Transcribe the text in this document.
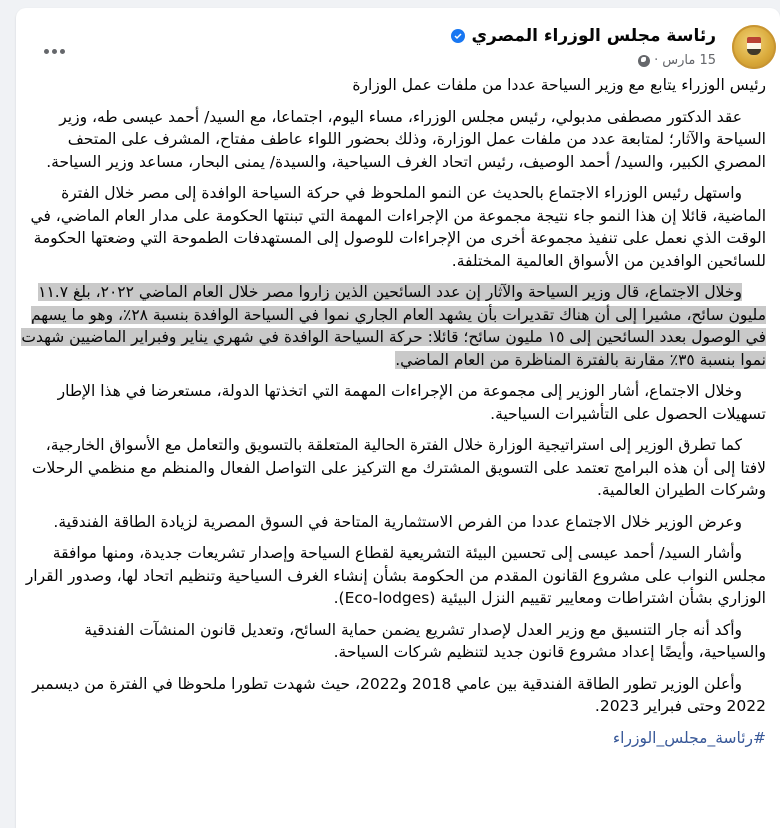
رئاسة مجلس الوزراء المصري
15 مارس
·

رئيس الوزراء يتابع مع وزير السياحة عددا من ملفات عمل الوزارة

عقد الدكتور مصطفى مدبولي، رئيس مجلس الوزراء، مساء اليوم، اجتماعا، مع السيد/ أحمد عيسى طه، وزير السياحة والآثار؛ لمتابعة عدد من ملفات عمل الوزارة، وذلك بحضور اللواء عاطف مفتاح، المشرف على المتحف المصري الكبير، والسيد/ أحمد الوصيف، رئيس اتحاد الغرف السياحية، والسيدة/ يمنى البحار، مساعد وزير السياحة.

واستهل رئيس الوزراء الاجتماع بالحديث عن النمو الملحوظ في حركة السياحة الوافدة إلى مصر خلال الفترة الماضية، قائلا إن هذا النمو جاء نتيجة مجموعة من الإجراءات المهمة التي تبنتها الحكومة على مدار العام الماضي، في الوقت الذي نعمل على تنفيذ مجموعة أخرى من الإجراءات للوصول إلى المستهدفات الطموحة التي وضعتها الحكومة للسائحين الوافدين من الأسواق العالمية المختلفة.

وخلال الاجتماع، قال وزير السياحة والآثار إن عدد السائحين الذين زاروا مصر خلال العام الماضي ٢٠٢٢، بلغ ١١.٧ مليون سائح، مشيرا إلى أن هناك تقديرات بأن يشهد العام الجاري نموا في السياحة الوافدة بنسبة ٢٨٪، وهو ما يسهم في الوصول بعدد السائحين إلى ١٥ مليون سائح؛ قائلا: حركة السياحة الوافدة في شهري يناير وفبراير الماضيين شهدت نموا بنسبة ٣٥٪ مقارنة بالفترة المناظرة من العام الماضي.

وخلال الاجتماع، أشار الوزير إلى مجموعة من الإجراءات المهمة التي اتخذتها الدولة، مستعرضا في هذا الإطار تسهيلات الحصول على التأشيرات السياحية.

كما تطرق الوزير إلى استراتيجية الوزارة خلال الفترة الحالية المتعلقة بالتسويق والتعامل مع الأسواق الخارجية، لافتا إلى أن هذه البرامج تعتمد على التسويق المشترك مع التركيز على التواصل الفعال والمنظم مع منظمي الرحلات وشركات الطيران العالمية.

وعرض الوزير خلال الاجتماع عددا من الفرص الاستثمارية المتاحة في السوق المصرية لزيادة الطاقة الفندقية.

وأشار السيد/ أحمد عيسى إلى تحسين البيئة التشريعية لقطاع السياحة وإصدار تشريعات جديدة، ومنها موافقة مجلس النواب على مشروع القانون المقدم من الحكومة بشأن إنشاء الغرف السياحية وتنظيم اتحاد لها، وصدور القرار الوزاري بشأن اشتراطات ومعايير تقييم النزل البيئية (Eco-lodges).

وأكد أنه جار التنسيق مع وزير العدل لإصدار تشريع يضمن حماية السائح، وتعديل قانون المنشآت الفندقية والسياحية، وأيضًا إعداد مشروع قانون جديد لتنظيم شركات السياحة.

وأعلن الوزير تطور الطاقة الفندقية بين عامي 2018 و2022، حيث شهدت تطورا ملحوظا في الفترة من ديسمبر 2022 وحتى فبراير 2023.

#رئاسة_مجلس_الوزراء
